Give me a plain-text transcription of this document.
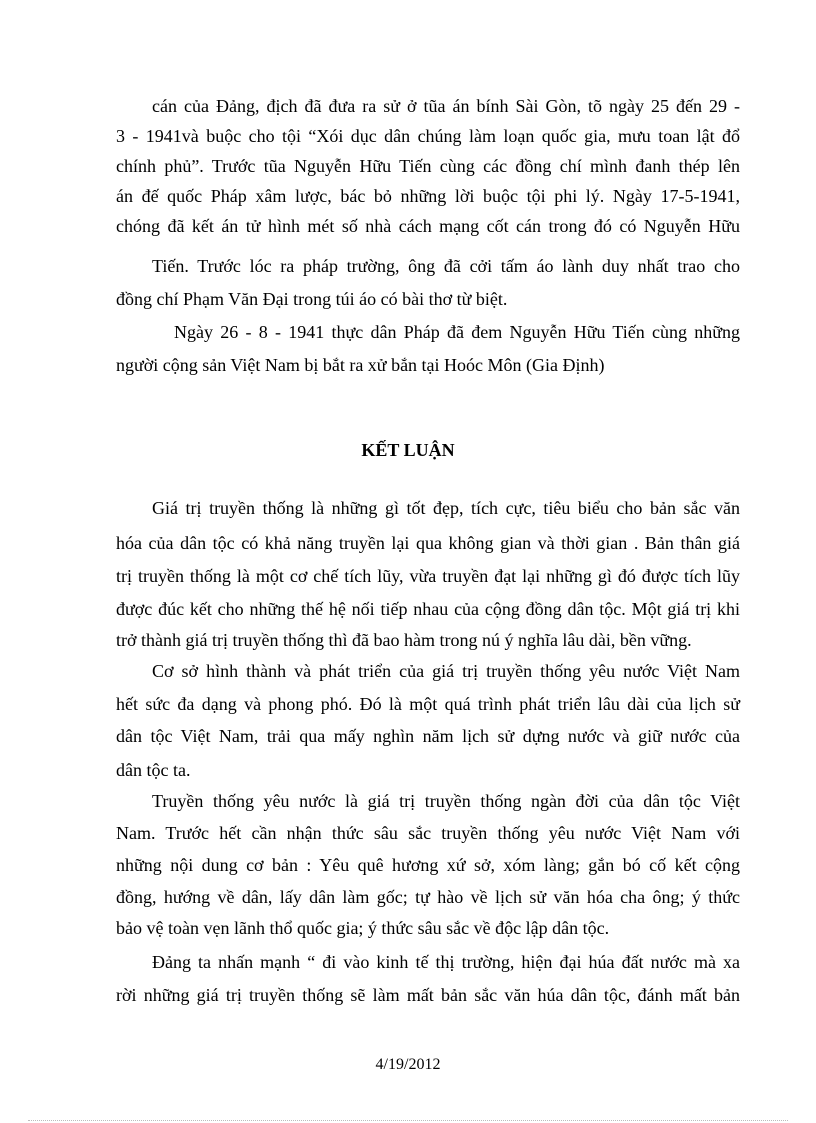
cán của Đảng, địch đã đưa ra sử ở tũa án bính Sài Gòn, tõ ngày 25 đến 29 -
3 - 1941và buộc cho tội “Xói dục dân chúng làm loạn quốc gia, mưu toan lật đổ
chính phủ”. Trước tũa Nguyễn Hữu Tiến cùng các đồng chí mình đanh thép lên
án đế quốc Pháp xâm lược, bác bỏ những lời buộc tội phi lý. Ngày 17-5-1941,
chóng đã kết án tử hình mét số nhà cách mạng cốt cán trong đó có Nguyễn Hữu
Tiến. Trước lóc ra pháp trường, ông đã cởi tấm áo lành duy nhất trao cho
đồng chí Phạm Văn Đại trong túi áo có bài thơ từ biệt.
Ngày 26 - 8 - 1941 thực dân Pháp đã đem Nguyễn Hữu Tiến cùng những
người cộng sản Việt Nam bị bắt ra xử bắn tại Hoóc Môn (Gia Định)
KẾT LUẬN
Giá trị truyền thống là những gì tốt đẹp, tích cực, tiêu biểu cho bản sắc văn
hóa của dân tộc có khả năng truyền lại qua không gian và thời gian . Bản thân giá
trị truyền thống là một cơ chế tích lũy, vừa truyền đạt lại những gì đó được tích lũy
được đúc kết cho những thế hệ nối tiếp nhau của cộng đồng dân tộc. Một giá trị khi
trở thành giá trị truyền thống thì đã bao hàm trong nú ý nghĩa lâu dài, bền vững.
Cơ sở hình thành và phát triển của giá trị truyền thống yêu nước Việt Nam
hết sức đa dạng và phong phó. Đó là một quá trình phát triển lâu dài của lịch sử
dân tộc Việt Nam, trải qua mấy nghìn năm lịch sử dựng nước và giữ nước của
dân tộc ta.
Truyền thống yêu nước là giá trị truyền thống ngàn đời của dân tộc Việt
Nam. Trước hết cần nhận thức sâu sắc truyền thống yêu nước Việt Nam với
những nội dung cơ bản : Yêu quê hương xứ sở, xóm làng; gắn bó cố kết cộng
đồng, hướng về dân, lấy dân làm gốc; tự hào về lịch sử văn hóa cha ông; ý thức
bảo vệ toàn vẹn lãnh thổ quốc gia; ý thức sâu sắc về độc lập dân tộc.
Đảng ta nhấn mạnh “ đi vào kinh tế thị trường, hiện đại húa đất nước mà xa
rời những giá trị truyền thống sẽ làm mất bản sắc văn húa dân tộc, đánh mất bản
4/19/2012
